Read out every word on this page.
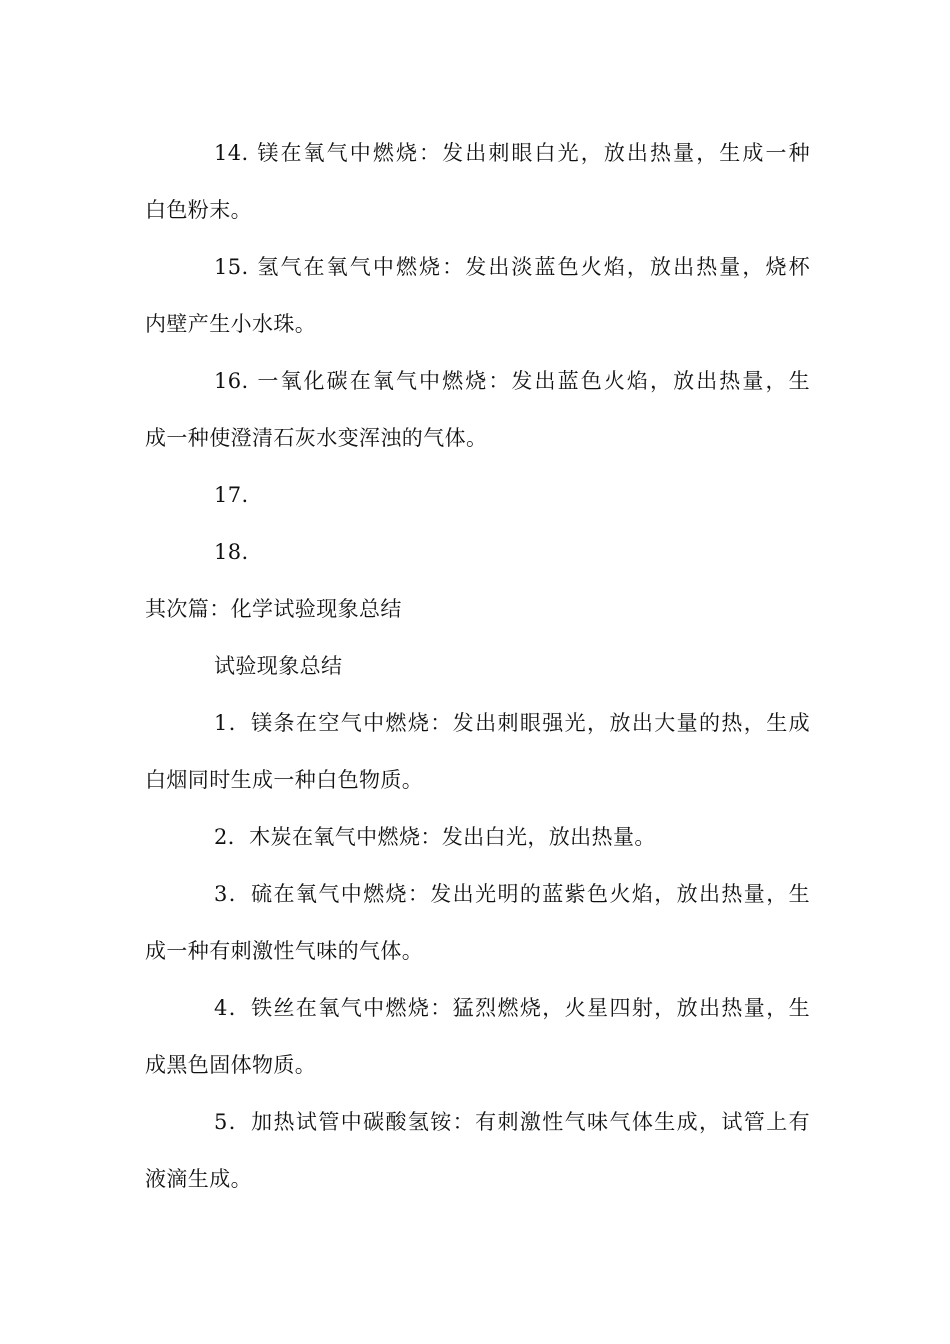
14. 镁在氧气中燃烧：发出刺眼白光，放出热量，生成一种
白色粉末。
15. 氢气在氧气中燃烧：发出淡蓝色火焰，放出热量，烧杯
内壁产生小水珠。
16. 一氧化碳在氧气中燃烧：发出蓝色火焰，放出热量，生
成一种使澄清石灰水变浑浊的气体。
17.
18.
其次篇：化学试验现象总结
试验现象总结
1．镁条在空气中燃烧：发出刺眼强光，放出大量的热，生成
白烟同时生成一种白色物质。
2．木炭在氧气中燃烧：发出白光，放出热量。
3．硫在氧气中燃烧：发出光明的蓝紫色火焰，放出热量，生
成一种有刺激性气味的气体。
4．铁丝在氧气中燃烧：猛烈燃烧，火星四射，放出热量，生
成黑色固体物质。
5．加热试管中碳酸氢铵：有刺激性气味气体生成，试管上有
液滴生成。
